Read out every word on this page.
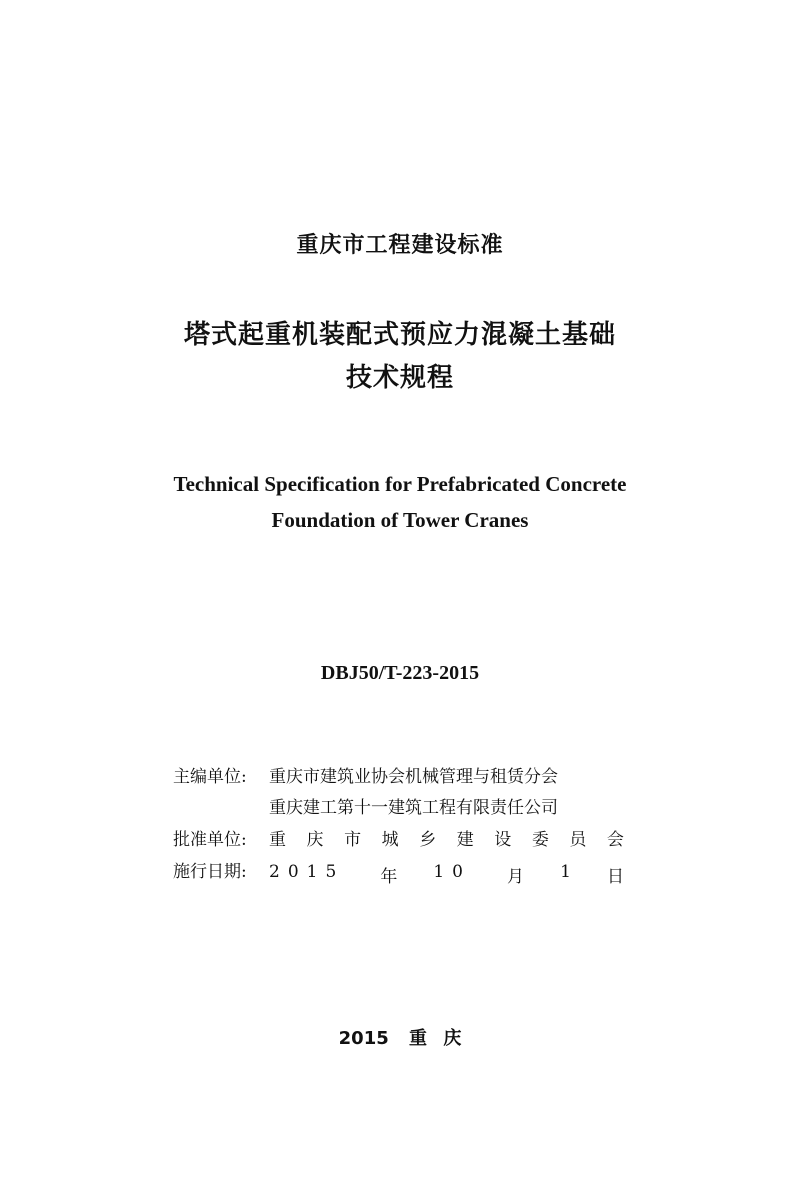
重庆市工程建设标准
塔式起重机装配式预应力混凝土基础
技术规程
Technical Specification for Prefabricated Concrete
Foundation of Tower Cranes
DBJ50/T-223-2015
主编单位:	重庆市建筑业协会机械管理与租赁分会
重庆建工第十一建筑工程有限责任公司
批准单位:	重 庆 市 城 乡 建 设 委 员 会
施行日期:	2015 年 10 月 1 日
2015 重 庆
